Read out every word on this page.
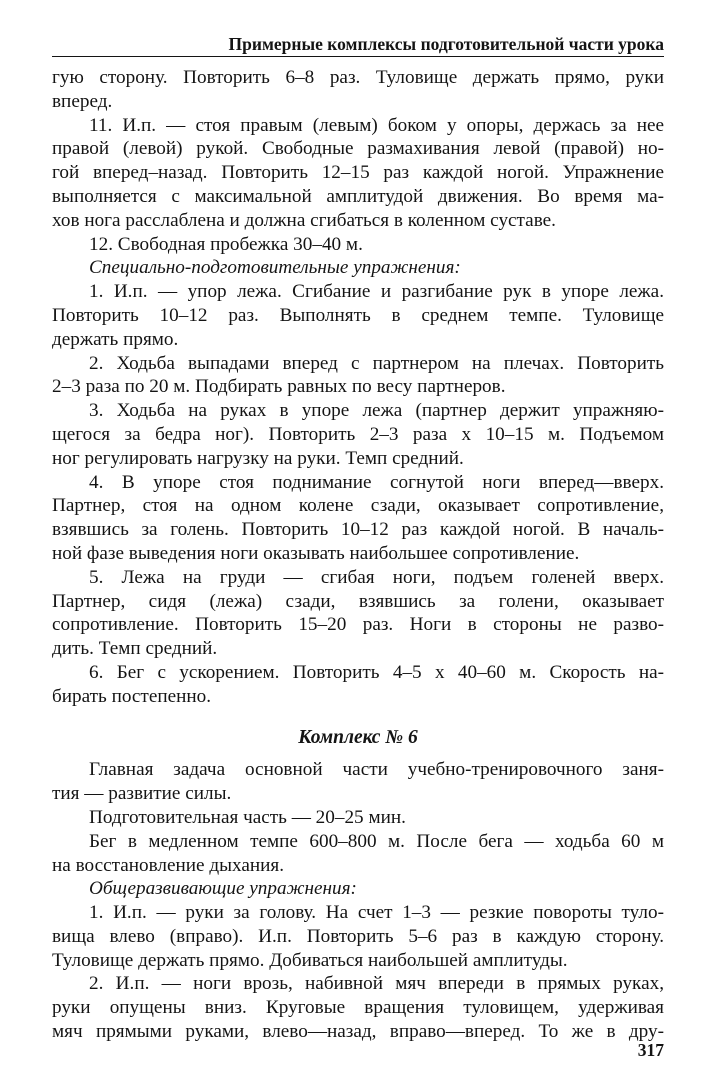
Примерные комплексы подготовительной части урока

гую сторону. Повторить 6–8 раз. Туловище держать прямо, руки

вперед.

11. И.п. — стоя правым (левым) боком у опоры, держась за нее

правой (левой) рукой. Свободные размахивания левой (правой) но-

гой вперед–назад. Повторить 12–15 раз каждой ногой. Упражнение

выполняется с максимальной амплитудой движения. Во время ма-

хов нога расслаблена и должна сгибаться в коленном суставе.

12. Свободная пробежка 30–40 м.

Специально-подготовительные упражнения:

1. И.п. — упор лежа. Сгибание и разгибание рук в упоре лежа.

Повторить 10–12 раз. Выполнять в среднем темпе. Туловище

держать прямо.

2. Ходьба выпадами вперед с партнером на плечах. Повторить

2–3 раза по 20 м. Подбирать равных по весу партнеров.

3. Ходьба на руках в упоре лежа (партнер держит упражняю-

щегося за бедра ног). Повторить 2–3 раза х 10–15 м. Подъемом

ног регулировать нагрузку на руки. Темп средний.

4. В упоре стоя поднимание согнутой ноги вперед—вверх.

Партнер, стоя на одном колене сзади, оказывает сопротивление,

взявшись за голень. Повторить 10–12 раз каждой ногой. В началь-

ной фазе выведения ноги оказывать наибольшее сопротивление.

5. Лежа на груди — сгибая ноги, подъем голеней вверх.

Партнер, сидя (лежа) сзади, взявшись за голени, оказывает

сопротивление. Повторить 15–20 раз. Ноги в стороны не разво-

дить. Темп средний.

6. Бег с ускорением. Повторить 4–5 х 40–60 м. Скорость на-

бирать постепенно.

Комплекс № 6

Главная задача основной части учебно-тренировочного заня-

тия — развитие силы.

Подготовительная часть — 20–25 мин.

Бег в медленном темпе 600–800 м. После бега — ходьба 60 м

на восстановление дыхания.

Общеразвивающие упражнения:

1. И.п. — руки за голову. На счет 1–3 — резкие повороты туло-

вища влево (вправо). И.п. Повторить 5–6 раз в каждую сторону.

Туловище держать прямо. Добиваться наибольшей амплитуды.

2. И.п. — ноги врозь, набивной мяч впереди в прямых руках,

руки опущены вниз. Круговые вращения туловищем, удерживая

мяч прямыми руками, влево—назад, вправо—вперед. То же в дру-

317
